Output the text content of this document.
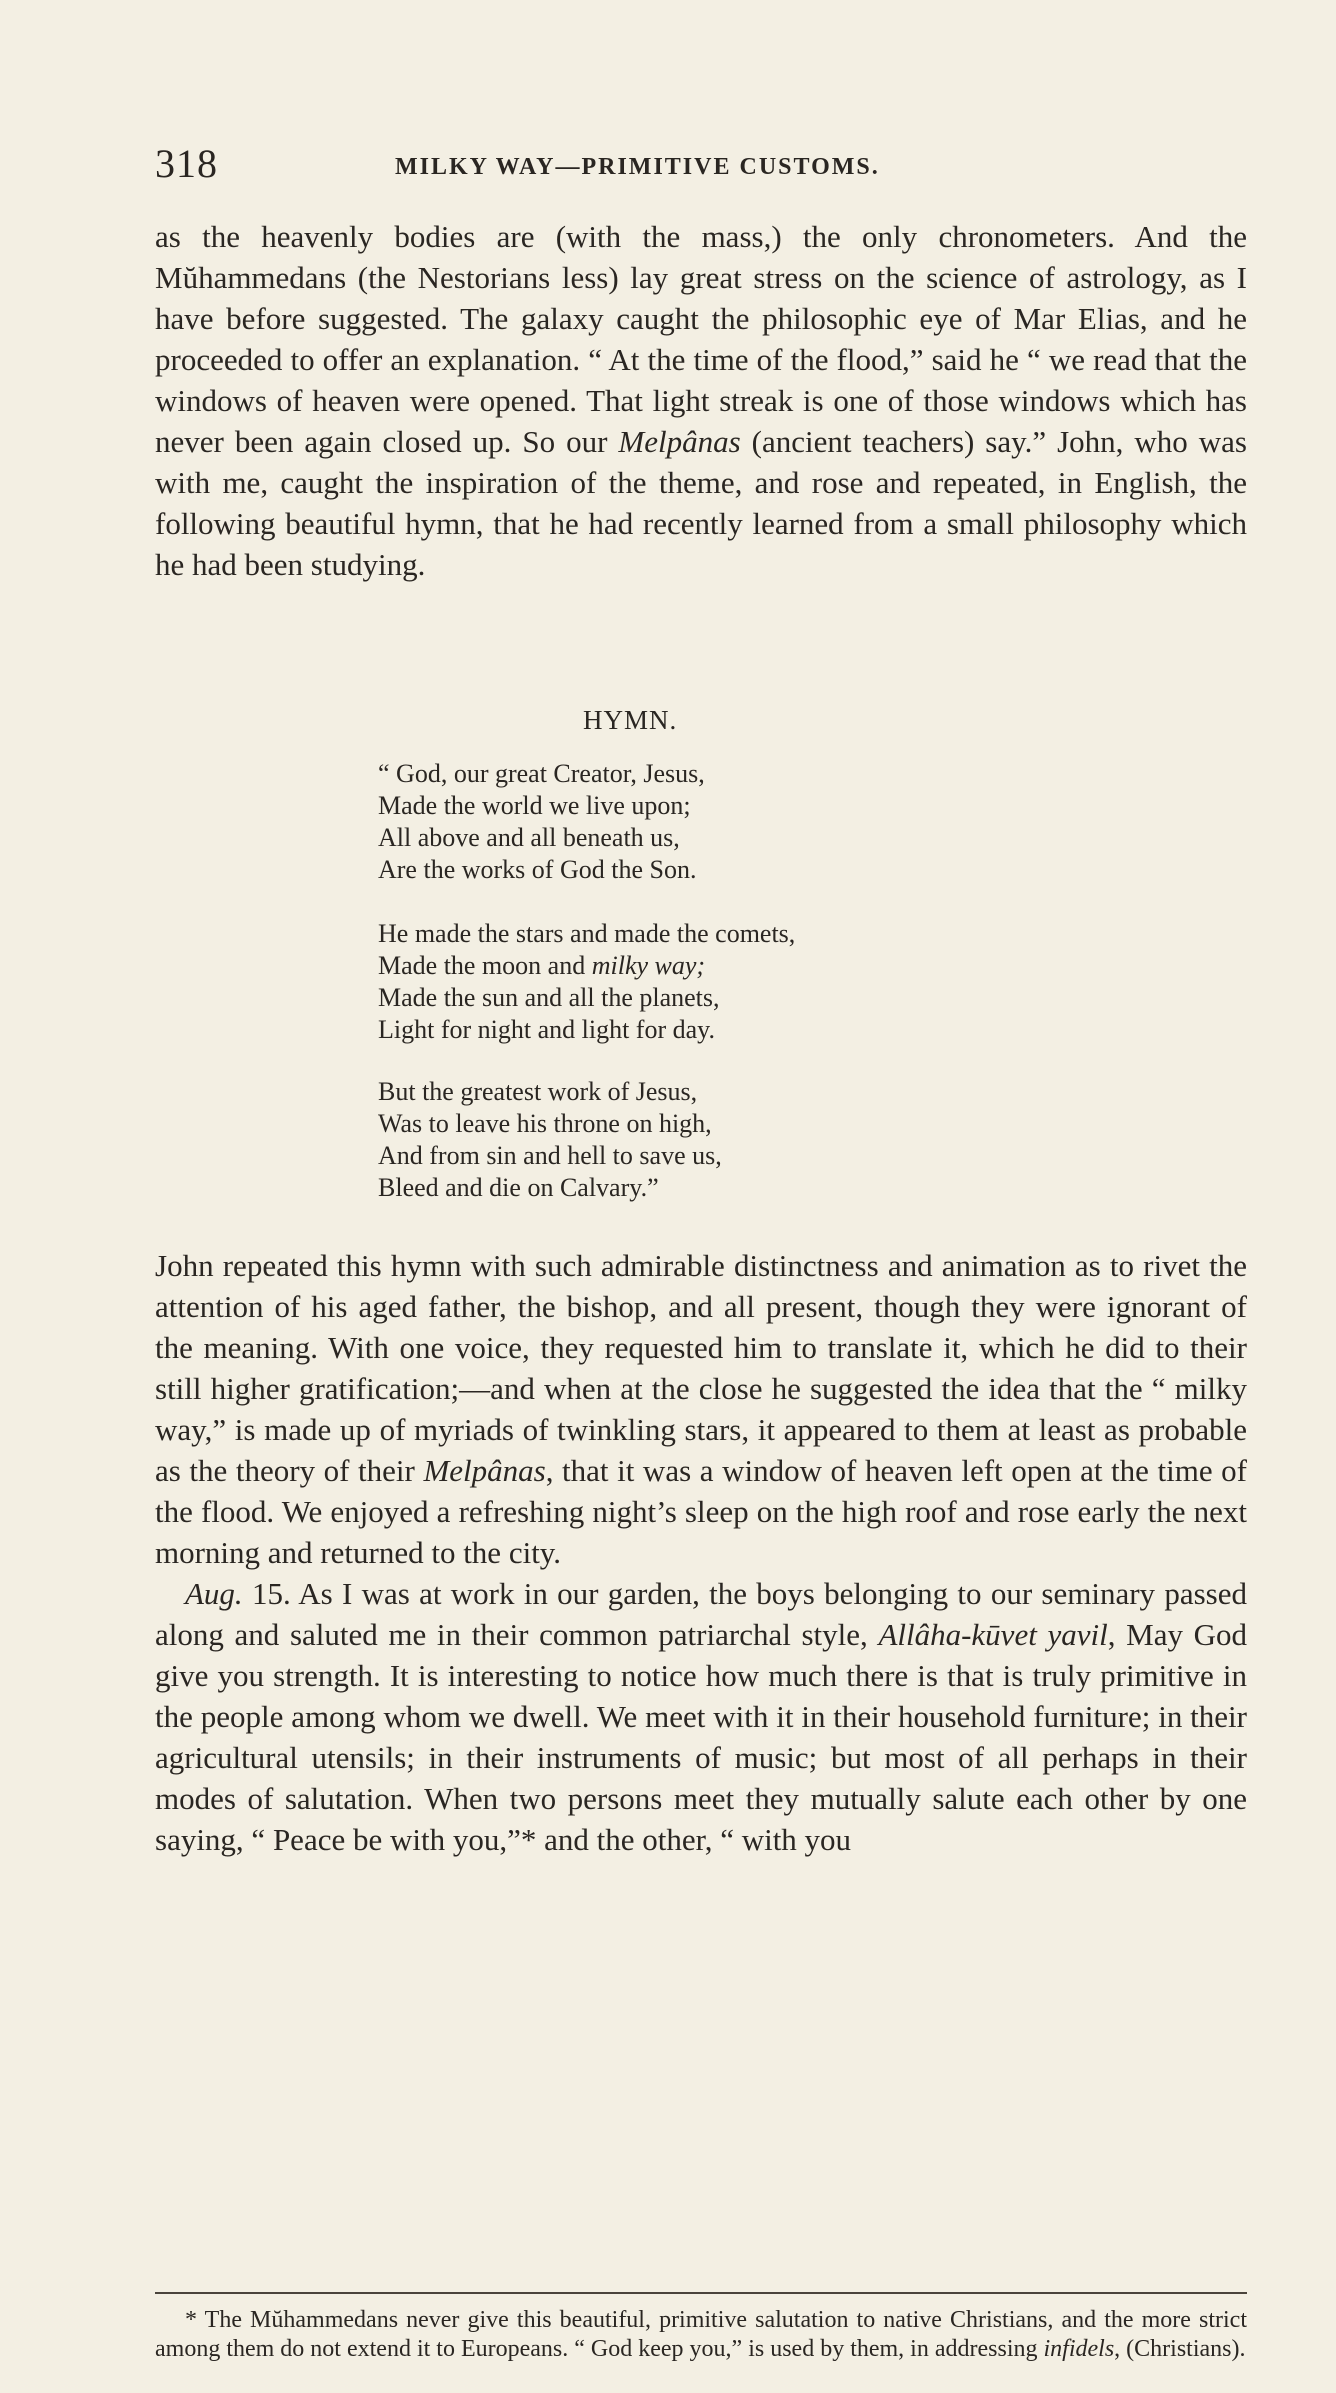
318	MILKY WAY—PRIMITIVE CUSTOMS.

as the heavenly bodies are (with the mass,) the only chronometers. And the Mŭhammedans (the Nestorians less) lay great stress on the science of astrology, as I have before suggested. The galaxy caught the philosophic eye of Mar Elias, and he proceeded to offer an explanation. “ At the time of the flood,” said he “ we read that the windows of heaven were opened. That light streak is one of those windows which has never been again closed up. So our Melpânas (ancient teachers) say.” John, who was with me, caught the inspiration of the theme, and rose and repeated, in English, the following beautiful hymn, that he had recently learned from a small philosophy which he had been studying.

HYMN.
“ God, our great Creator, Jesus,
Made the world we live upon;
All above and all beneath us,
Are the works of God the Son.
He made the stars and made the comets,
Made the moon and milky way;
Made the sun and all the planets,
Light for night and light for day.
But the greatest work of Jesus,
Was to leave his throne on high,
And from sin and hell to save us,
Bleed and die on Calvary.”

John repeated this hymn with such admirable distinctness and animation as to rivet the attention of his aged father, the bishop, and all present, though they were ignorant of the meaning. With one voice, they requested him to translate it, which he did to their still higher gratification;—and when at the close he suggested the idea that the “ milky way,” is made up of myriads of twinkling stars, it appeared to them at least as probable as the theory of their Melpânas, that it was a window of heaven left open at the time of the flood. We enjoyed a refreshing night’s sleep on the high roof and rose early the next morning and returned to the city.

Aug. 15. As I was at work in our garden, the boys belonging to our seminary passed along and saluted me in their common patriarchal style, Allâha-kūvet yavil, May God give you strength. It is interesting to notice how much there is that is truly primitive in the people among whom we dwell. We meet with it in their household furniture; in their agricultural utensils; in their instruments of music; but most of all perhaps in their modes of salutation. When two persons meet they mutually salute each other by one saying, “ Peace be with you,”* and the other, “ with you

* The Mŭhammedans never give this beautiful, primitive salutation to native Christians, and the more strict among them do not extend it to Europeans. “ God keep you,” is used by them, in addressing infidels, (Christians).
